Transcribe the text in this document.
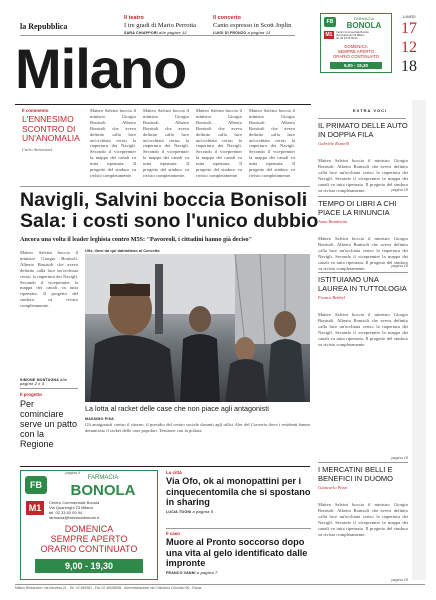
la Repubblica
Il teatro
I tre gradi di Mario Perrotta
SARA CHIAPPORI alle pagine 12
Il concerto
Canto espresso in Scott Joplin
LUIGI DI FRONZO a pagina 13
FB
FARMACIA
BONOLA
M1	Centro Commerciale Bonola
Via Quarenghi 23 Milano
tel. 02 33 63 09 94
DOMENICA
SEMPRE APERTO
ORARIO CONTINUATO
9,00 - 19,30
LUNEDÌ
17
12
18
Milano
EXTRA VOCI
Il commento
L'ENNESIMO SCONTRO DI UN'ANOMALIA
Carlo Annovazzi
Matteo Salvini boccia il ministro Giorgio Bonisoli. Alberto Bonisoli che aveva definito «alla luce un'occhiata certa» la riapertura dei Navigli. Secondo il vicepremier la mappa dei canali va tutta ripensata. Il progetto del sindaco va rivisto completamente.
Matteo Salvini boccia il ministro Giorgio Bonisoli. Alberto Bonisoli che aveva definito «alla luce un'occhiata certa» la riapertura dei Navigli. Secondo il vicepremier la mappa dei canali va tutta ripensata. Il progetto del sindaco va rivisto completamente.
Matteo Salvini boccia il ministro Giorgio Bonisoli. Alberto Bonisoli che aveva definito «alla luce un'occhiata certa» la riapertura dei Navigli. Secondo il vicepremier la mappa dei canali va tutta ripensata. Il progetto del sindaco va rivisto completamente.
Matteo Salvini boccia il ministro Giorgio Bonisoli. Alberto Bonisoli che aveva definito «alla luce un'occhiata certa» la riapertura dei Navigli. Secondo il vicepremier la mappa dei canali va tutta ripensata. Il progetto del sindaco va rivisto completamente.
Navigli, Salvini boccia Bonisoli
Sala: i costi sono l'unico dubbio
Ancora una volta il leader leghista contro M5S: "Pavoreoli, i cittadini hanno già deciso"
Matteo Salvini boccia il ministro Giorgio Bonisoli. Alberto Bonisoli che aveva definito «alla luce un'occhiata certa» la riapertura dei Navigli. Secondo il vicepremier la mappa dei canali va tutta ripensata. Il progetto del sindaco va rivisto completamente.
SIMONE MONTAGNA alle pagine 2 e 3
Il progetto
Per cominciare serve un patto con la Regione
pagina 4
Ultz, illesi da qui datnidiano al Corvetto
La lotta al racket delle case che non piace agli antagonisti
MASSIMO PISA
Gli antagonisti contro il ritorno: il presidio del centro sociale davanti agli uffici Aler del Corvetto dove i residenti hanno denunciato il racket delle case popolari. Tensione con la polizia.
IL PRIMATO DELLE AUTO IN DOPPIA FILA
Gabriele Romelli
Matteo Salvini boccia il ministro Giorgio Bonisoli. Alberto Bonisoli che aveva definito «alla luce un'occhiata certa» la riapertura dei Navigli. Secondo il vicepremier la mappa dei canali va tutta ripensata. Il progetto del sindaco va rivisto completamente.	pagina 18
TEMPO DI LIBRI A CHI PIACE LA RINUNCIA
Anna Bandettini
Matteo Salvini boccia il ministro Giorgio Bonisoli. Alberto Bonisoli che aveva definito «alla luce un'occhiata certa» la riapertura dei Navigli. Secondo il vicepremier la mappa dei canali va tutta ripensata. Il progetto del sindaco va rivisto completamente.	pagina 18
ISTITUIAMO UNA LAUREA IN TUTTOLOGIA
Franco Rebbel
Matteo Salvini boccia il ministro Giorgio Bonisoli. Alberto Bonisoli che aveva definito «alla luce un'occhiata certa» la riapertura dei Navigli. Secondo il vicepremier la mappa dei canali va tutta ripensata. Il progetto del sindaco va rivisto completamente.
pagina 18
I MERCATINI BELLI E BENEFICI IN DUOMO
Giancarlo Pezzi
Matteo Salvini boccia il ministro Giorgio Bonisoli. Alberto Bonisoli che aveva definito «alla luce un'occhiata certa» la riapertura dei Navigli. Secondo il vicepremier la mappa dei canali va tutta ripensata. Il progetto del sindaco va rivisto completamente.
pagina 18
FB
FARMACIA
BONOLA
M1
Centro Commerciale Bonola
Via Quarenghi 23 Milano
tel. 02 33 63 09 94
farmacia@farmaciabonola.it
DOMENICA
SEMPRE APERTO
ORARIO CONTINUATO
9,00 - 19,30
La città
Via Ofo, ok ai monopattini per i cinquecentomila che si spostano in sharing
LUCIA TOGNI a pagina 5
Il caso
Muore al Pronto soccorso dopo una vita al gelo identificato dalle impronte
FRANCO VANNI a pagina 7
Milano Redazione: via Nervesa 21 - Tel. 02 480981 - Fax 02 48098258 - Amministrazione via Cristoforo Colombo 90 - Roma
